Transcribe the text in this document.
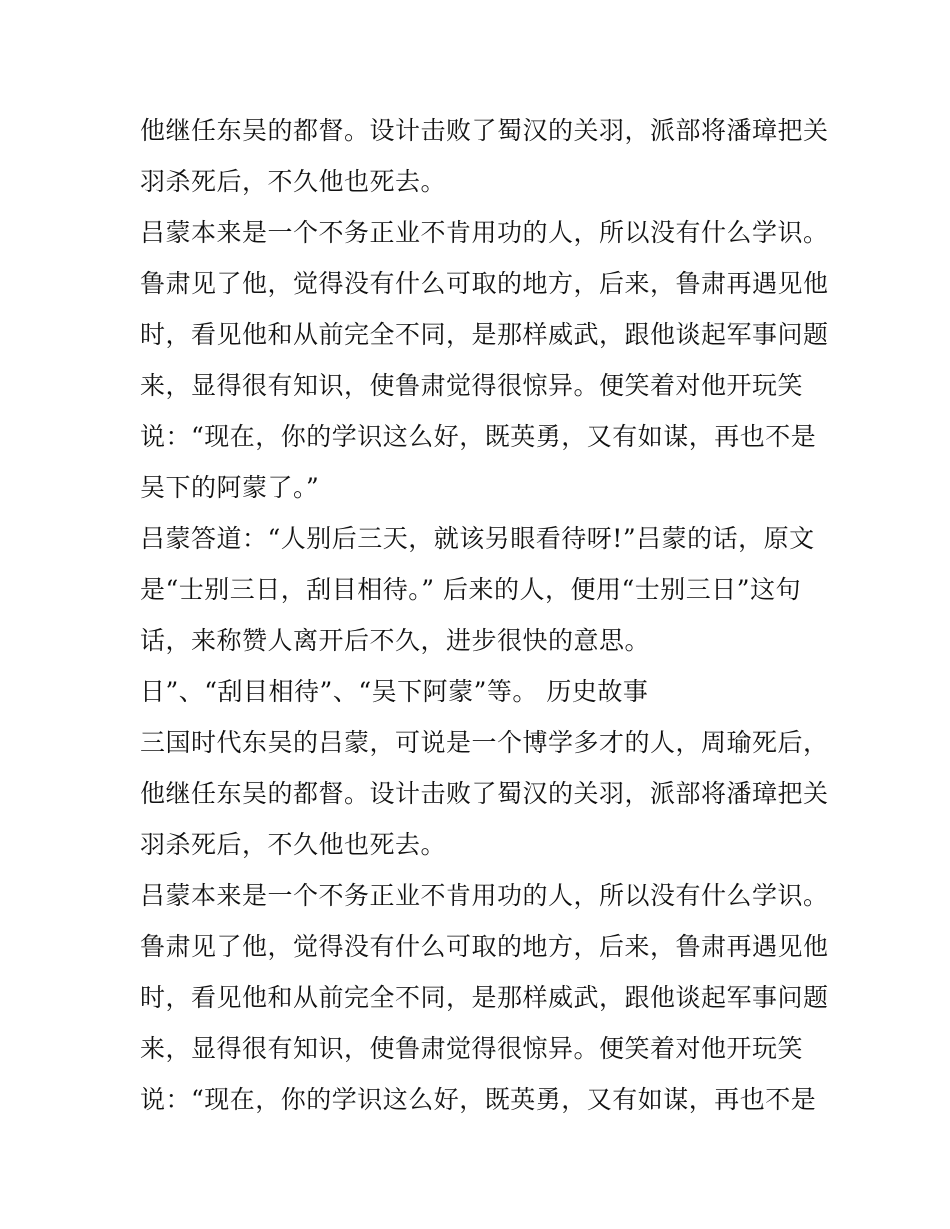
他继任东吴的都督。设计击败了蜀汉的关羽，派部将潘璋把关
羽杀死后，不久他也死去。
吕蒙本来是一个不务正业不肯用功的人，所以没有什么学识。
鲁肃见了他，觉得没有什么可取的地方，后来，鲁肃再遇见他
时，看见他和从前完全不同，是那样威武，跟他谈起军事问题
来，显得很有知识，使鲁肃觉得很惊异。便笑着对他开玩笑
说：“现在，你的学识这么好，既英勇，又有如谋，再也不是
吴下的阿蒙了。”
吕蒙答道：“人别后三天，就该另眼看待呀!”吕蒙的话，原文
是“士别三日，刮目相待。” 后来的人，便用“士别三日”这句
话，来称赞人离开后不久，进步很快的意思。
日”、“刮目相待”、“吴下阿蒙”等。 历史故事
三国时代东吴的吕蒙，可说是一个博学多才的人，周瑜死后，
他继任东吴的都督。设计击败了蜀汉的关羽，派部将潘璋把关
羽杀死后，不久他也死去。
吕蒙本来是一个不务正业不肯用功的人，所以没有什么学识。
鲁肃见了他，觉得没有什么可取的地方，后来，鲁肃再遇见他
时，看见他和从前完全不同，是那样威武，跟他谈起军事问题
来，显得很有知识，使鲁肃觉得很惊异。便笑着对他开玩笑
说：“现在，你的学识这么好，既英勇，又有如谋，再也不是
